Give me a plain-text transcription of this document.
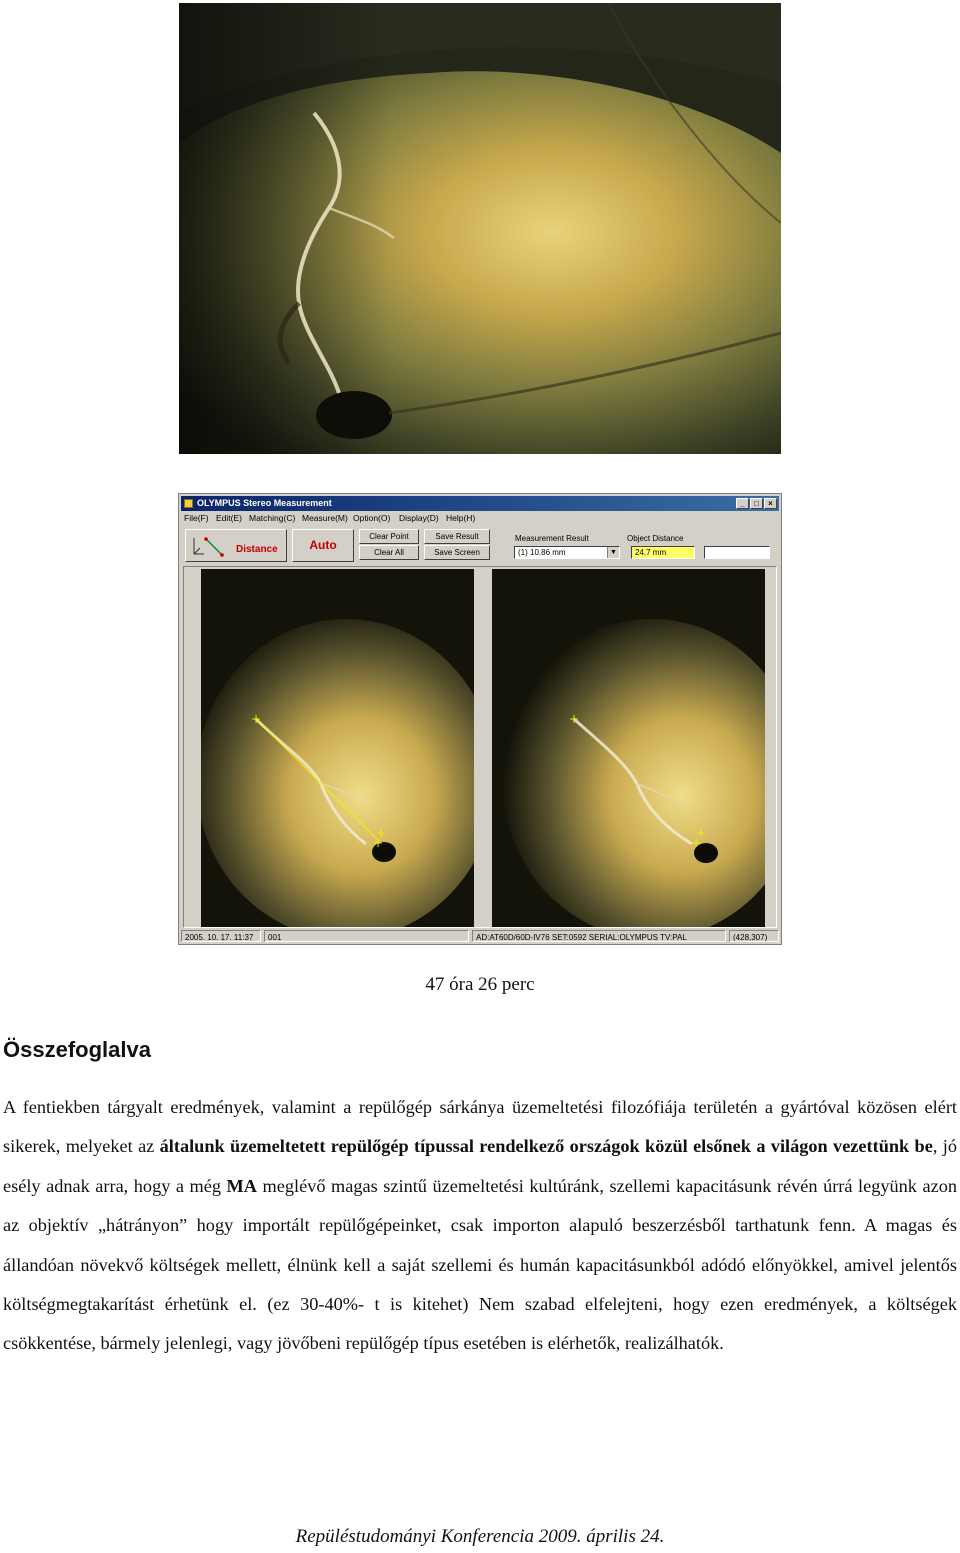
OLYMPUS Stereo Measurement	_	□	×
File(F) Edit(E) Matching(C) Measure(M) Option(O) Display(D) Help(H)
Distance	Auto
Clear Point
Clear All
Save Result
Save Screen
Measurement Result
(1) 10.86 mm	▼
Object Distance
24.7 mm
+
+
+
+
+
+
2005. 10. 17. 11:37	001	AD:AT60D/60D-IV76 SET:0592 SERIAL:OLYMPUS TV:PAL	(428,307)
47 óra 26 perc
Összefoglalva

A fentiekben tárgyalt eredmények, valamint a repülőgép sárkánya üzemeltetési filozófiája területén a gyártóval közösen elért sikerek, melyeket az általunk üzemeltetett repülőgép típussal rendelkező országok közül elsőnek a világon vezettünk be, jó esély adnak arra, hogy a még MA meglévő magas szintű üzemeltetési kultúránk, szellemi kapacitásunk révén úrrá legyünk azon az objektív „hátrányon” hogy importált repülőgépeinket, csak importon alapuló beszerzésből tarthatunk fenn. A magas és állandóan növekvő költségek mellett, élnünk kell a saját szellemi és humán kapacitásunkból adódó előnyökkel, amivel jelentős költségmegtakarítást érhetünk el. (ez 30-40%- t is kitehet) Nem szabad elfelejteni, hogy ezen eredmények, a költségek csökkentése, bármely jelenlegi, vagy jövőbeni repülőgép típus esetében is elérhetők, realizálhatók.

Repüléstudományi Konferencia 2009. április 24.
